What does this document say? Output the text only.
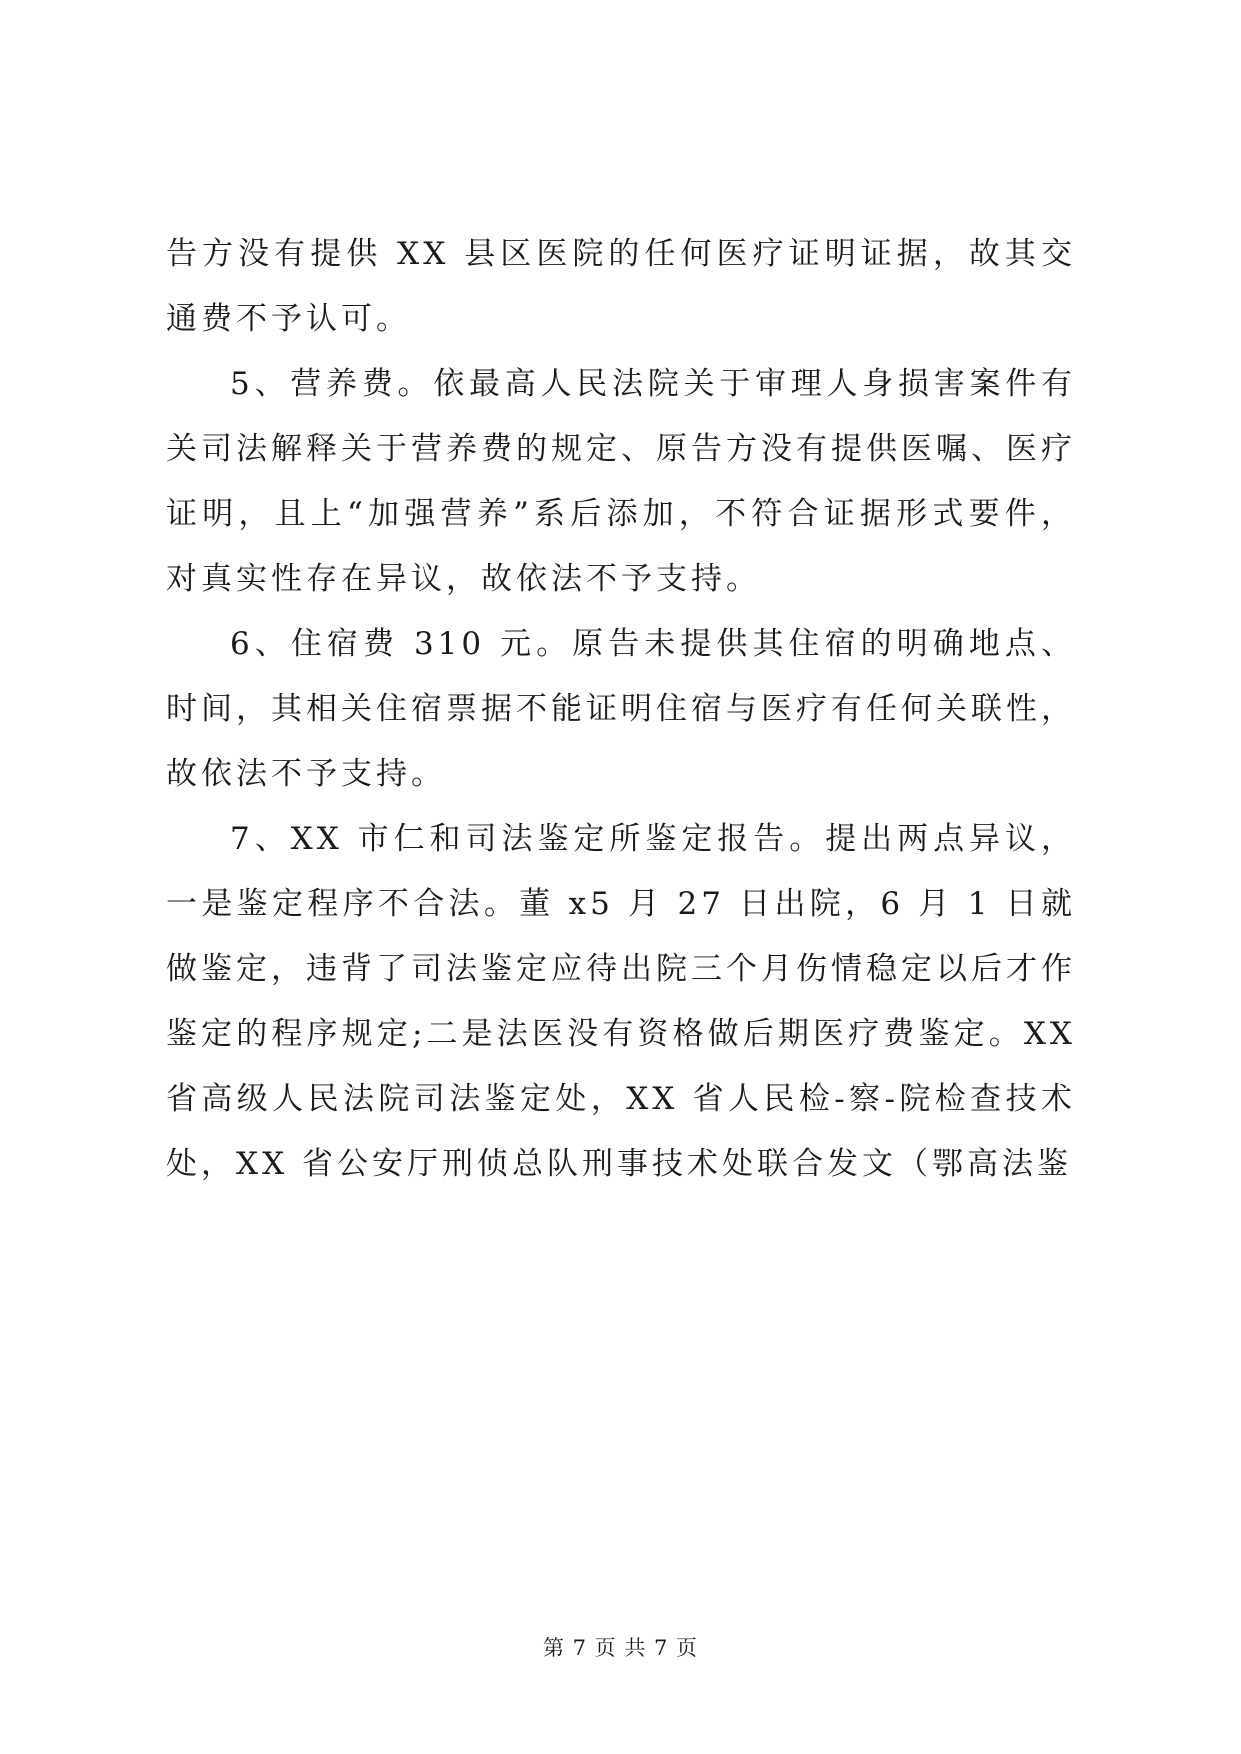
告方没有提供 XX 县区医院的任何医疗证明证据，故其交通费不予认可。

5、营养费。依最高人民法院关于审理人身损害案件有关司法解释关于营养费的规定、原告方没有提供医嘱、医疗证明，且上“加强营养”系后添加，不符合证据形式要件，对真实性存在异议，故依法不予支持。

6、住宿费 310 元。原告未提供其住宿的明确地点、时间，其相关住宿票据不能证明住宿与医疗有任何关联性，故依法不予支持。

7、XX 市仁和司法鉴定所鉴定报告。提出两点异议，一是鉴定程序不合法。董 x5 月 27 日出院，6 月 1 日就做鉴定，违背了司法鉴定应待出院三个月伤情稳定以后才作鉴定的程序规定;二是法医没有资格做后期医疗费鉴定。XX 省高级人民法院司法鉴定处，XX 省人民检-察-院检查技术处，XX 省公安厅刑侦总队刑事技术处联合发文（鄂高法鉴

第 7 页 共 7 页
